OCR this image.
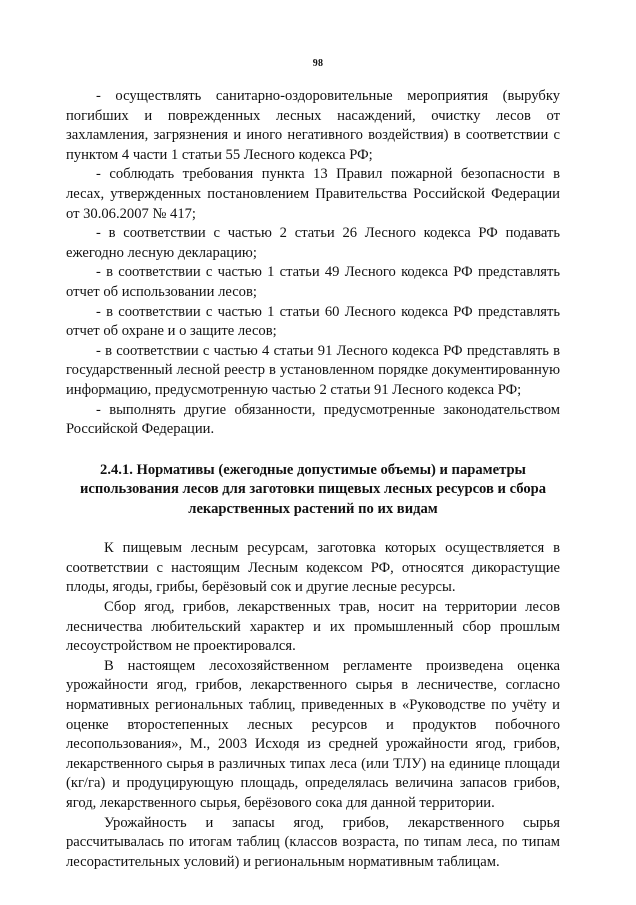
98

- осуществлять санитарно-оздоровительные мероприятия (вырубку погибших и поврежденных лесных насаждений, очистку лесов от захламления, загрязнения и иного негативного воздействия) в соответствии с пунктом 4 части 1 статьи 55 Лесного кодекса РФ;

- соблюдать требования пункта 13 Правил пожарной безопасности в лесах, утвержденных постановлением Правительства Российской Федерации от 30.06.2007 № 417;

- в соответствии с частью 2 статьи 26 Лесного кодекса РФ подавать ежегодно лесную декларацию;

- в соответствии с частью 1 статьи 49 Лесного кодекса РФ представлять отчет об использовании лесов;

- в соответствии с частью 1 статьи 60 Лесного кодекса РФ представлять отчет об охране и о защите лесов;

- в соответствии с частью 4 статьи 91 Лесного кодекса РФ представлять в государственный лесной реестр в установленном порядке документированную информацию, предусмотренную частью 2 статьи 91 Лесного кодекса РФ;

- выполнять другие обязанности, предусмотренные законодательством Российской Федерации.

2.4.1. Нормативы (ежегодные допустимые объемы) и параметры использования лесов для заготовки пищевых лесных ресурсов и сбора лекарственных растений по их видам

К пищевым лесным ресурсам, заготовка которых осуществляется в соответствии с настоящим Лесным кодексом РФ, относятся дикорастущие плоды, ягоды, грибы, берёзовый сок и другие лесные ресурсы.

Сбор ягод, грибов, лекарственных трав, носит на территории лесов лесничества любительский характер и их промышленный сбор прошлым лесоустройством не проектировался.

В настоящем лесохозяйственном регламенте произведена оценка урожайности ягод, грибов, лекарственного сырья в лесничестве, согласно нормативных региональных таблиц, приведенных в «Руководстве по учёту и оценке второстепенных лесных ресурсов и продуктов побочного лесопользования», М., 2003 Исходя из средней урожайности ягод, грибов, лекарственного сырья в различных типах леса (или ТЛУ) на единице площади (кг/га) и продуцирующую площадь, определялась величина запасов грибов, ягод, лекарственного сырья, берёзового сока для данной территории.

Урожайность и запасы ягод, грибов, лекарственного сырья рассчитывалась по итогам таблиц (классов возраста, по типам леса, по типам лесорастительных условий) и региональным нормативным таблицам.
